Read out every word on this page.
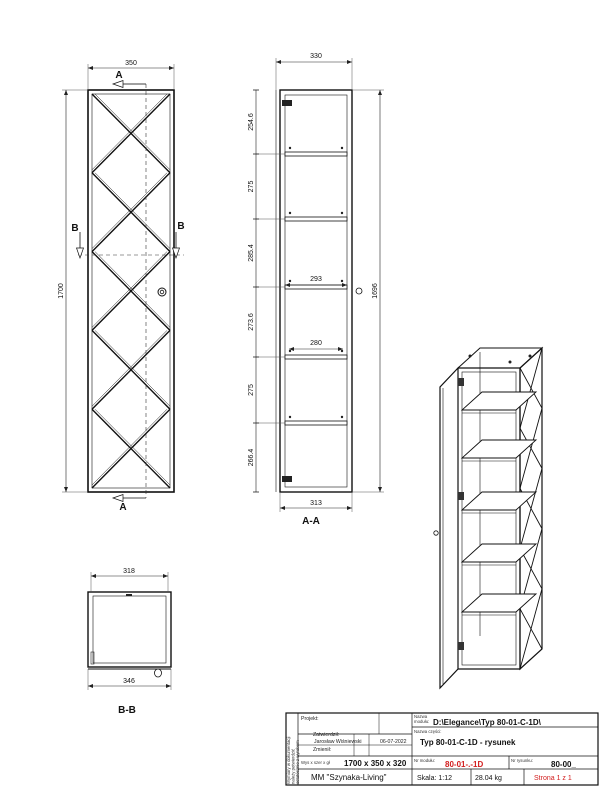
350
1700
A
A
B	B
330
293
280
313
1696
254.6
275
285.4
273.6
275
266.4
A-A
318
346
B-B
Wymiary w dokumentacji należy potwierdzić ostatecznie z wyrobem
Projekt:
Zatwierdził:
Jarosław Wiśniewski	06-07-2022
Zmienił:
Nazwa
modułu: D:\Elegance\Typ 80-01-C-1D\
Nazwa części:
Typ 80-01-C-1D - rysunek
Wys x szer x gł 1700 x 350 x 320 Nr modułu: 80-01-.-1D	Nr rysunku: 80-00_
MM "Szynaka-Living"	Skala: 1:12	28.04 kg	Strona 1 z 1
